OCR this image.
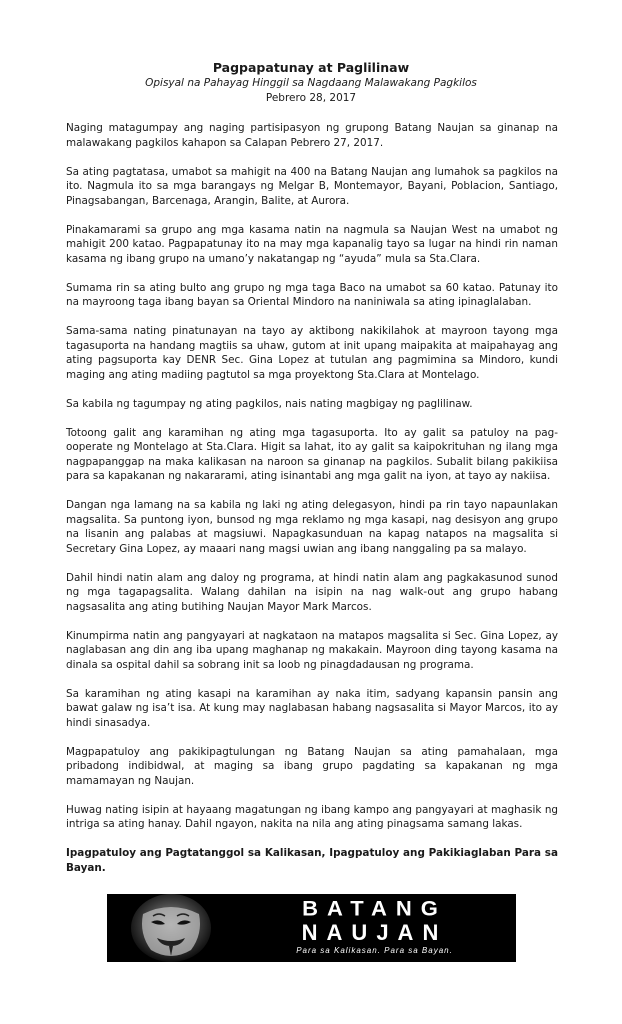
Pagpapatunay at Paglilinaw
Opisyal na Pahayag Hinggil sa Nagdaang Malawakang Pagkilos
Pebrero 28, 2017

Naging matagumpay ang naging partisipasyon ng grupong Batang Naujan sa ginanap na malawakang pagkilos kahapon sa Calapan Pebrero 27, 2017.

Sa ating pagtatasa, umabot sa mahigit na 400 na Batang Naujan ang lumahok sa pagkilos na ito. Nagmula ito sa mga barangays ng Melgar B, Montemayor, Bayani, Poblacion, Santiago, Pinagsabangan, Barcenaga, Arangin, Balite, at Aurora.

Pinakamarami sa grupo ang mga kasama natin na nagmula sa Naujan West na umabot ng mahigit 200 katao. Pagpapatunay ito na may mga kapanalig tayo sa lugar na hindi rin naman kasama ng ibang grupo na umano’y nakatangap ng “ayuda” mula sa Sta.Clara.

Sumama rin sa ating bulto ang grupo ng mga taga Baco na umabot sa 60 katao. Patunay ito na mayroong taga ibang bayan sa Oriental Mindoro na naniniwala sa ating ipinaglalaban.

Sama-sama nating pinatunayan na tayo ay aktibong nakikilahok at mayroon tayong mga tagasuporta na handang magtiis sa uhaw, gutom at init upang maipakita at maipahayag ang ating pagsuporta kay DENR Sec. Gina Lopez at tutulan ang pagmimina sa Mindoro, kundi maging ang ating madiing pagtutol sa mga proyektong Sta.Clara at Montelago.

Sa kabila ng tagumpay ng ating pagkilos, nais nating magbigay ng paglilinaw.

Totoong galit ang karamihan ng ating mga tagasuporta. Ito ay galit sa patuloy na pag-ooperate ng Montelago at Sta.Clara. Higit sa lahat, ito ay galit sa kaipokrituhan ng ilang mga nagpapanggap na maka kalikasan na naroon sa ginanap na pagkilos. Subalit bilang pakikiisa para sa kapakanan ng nakararami, ating isinantabi ang mga galit na iyon, at tayo ay nakiisa.

Dangan nga lamang na sa kabila ng laki ng ating delegasyon, hindi pa rin tayo napaunlakan magsalita. Sa puntong iyon, bunsod ng mga reklamo ng mga kasapi, nag desisyon ang grupo na lisanin ang palabas at magsiuwi. Napagkasunduan na kapag natapos na magsalita si Secretary Gina Lopez, ay maaari nang magsi uwian ang ibang nanggaling pa sa malayo.

Dahil hindi natin alam ang daloy ng programa, at hindi natin alam ang pagkakasunod sunod ng mga tagapagsalita. Walang dahilan na isipin na nag walk-out ang grupo habang nagsasalita ang ating butihing Naujan Mayor Mark Marcos.

Kinumpirma natin ang pangyayari at nagkataon na matapos magsalita si Sec. Gina Lopez, ay naglabasan ang din ang iba upang maghanap ng makakain. Mayroon ding tayong kasama na dinala sa ospital dahil sa sobrang init sa loob ng pinagdadausan ng programa.

Sa karamihan ng ating kasapi na karamihan ay naka itim, sadyang kapansin pansin ang bawat galaw ng isa’t isa. At kung may naglabasan habang nagsasalita si Mayor Marcos, ito ay hindi sinasadya.

Magpapatuloy ang pakikipagtulungan ng Batang Naujan sa ating pamahalaan, mga pribadong indibidwal, at maging sa ibang grupo pagdating sa kapakanan ng mga mamamayan ng Naujan.

Huwag nating isipin at hayaang magatungan ng ibang kampo ang pangyayari at maghasik ng intriga sa ating hanay. Dahil ngayon, nakita na nila ang ating pinagsama samang lakas.

Ipagpatuloy ang Pagtatanggol sa Kalikasan, Ipagpatuloy ang Pakikiaglaban Para sa Bayan.

BATANG
NAUJAN
Para sa Kalikasan. Para sa Bayan.
